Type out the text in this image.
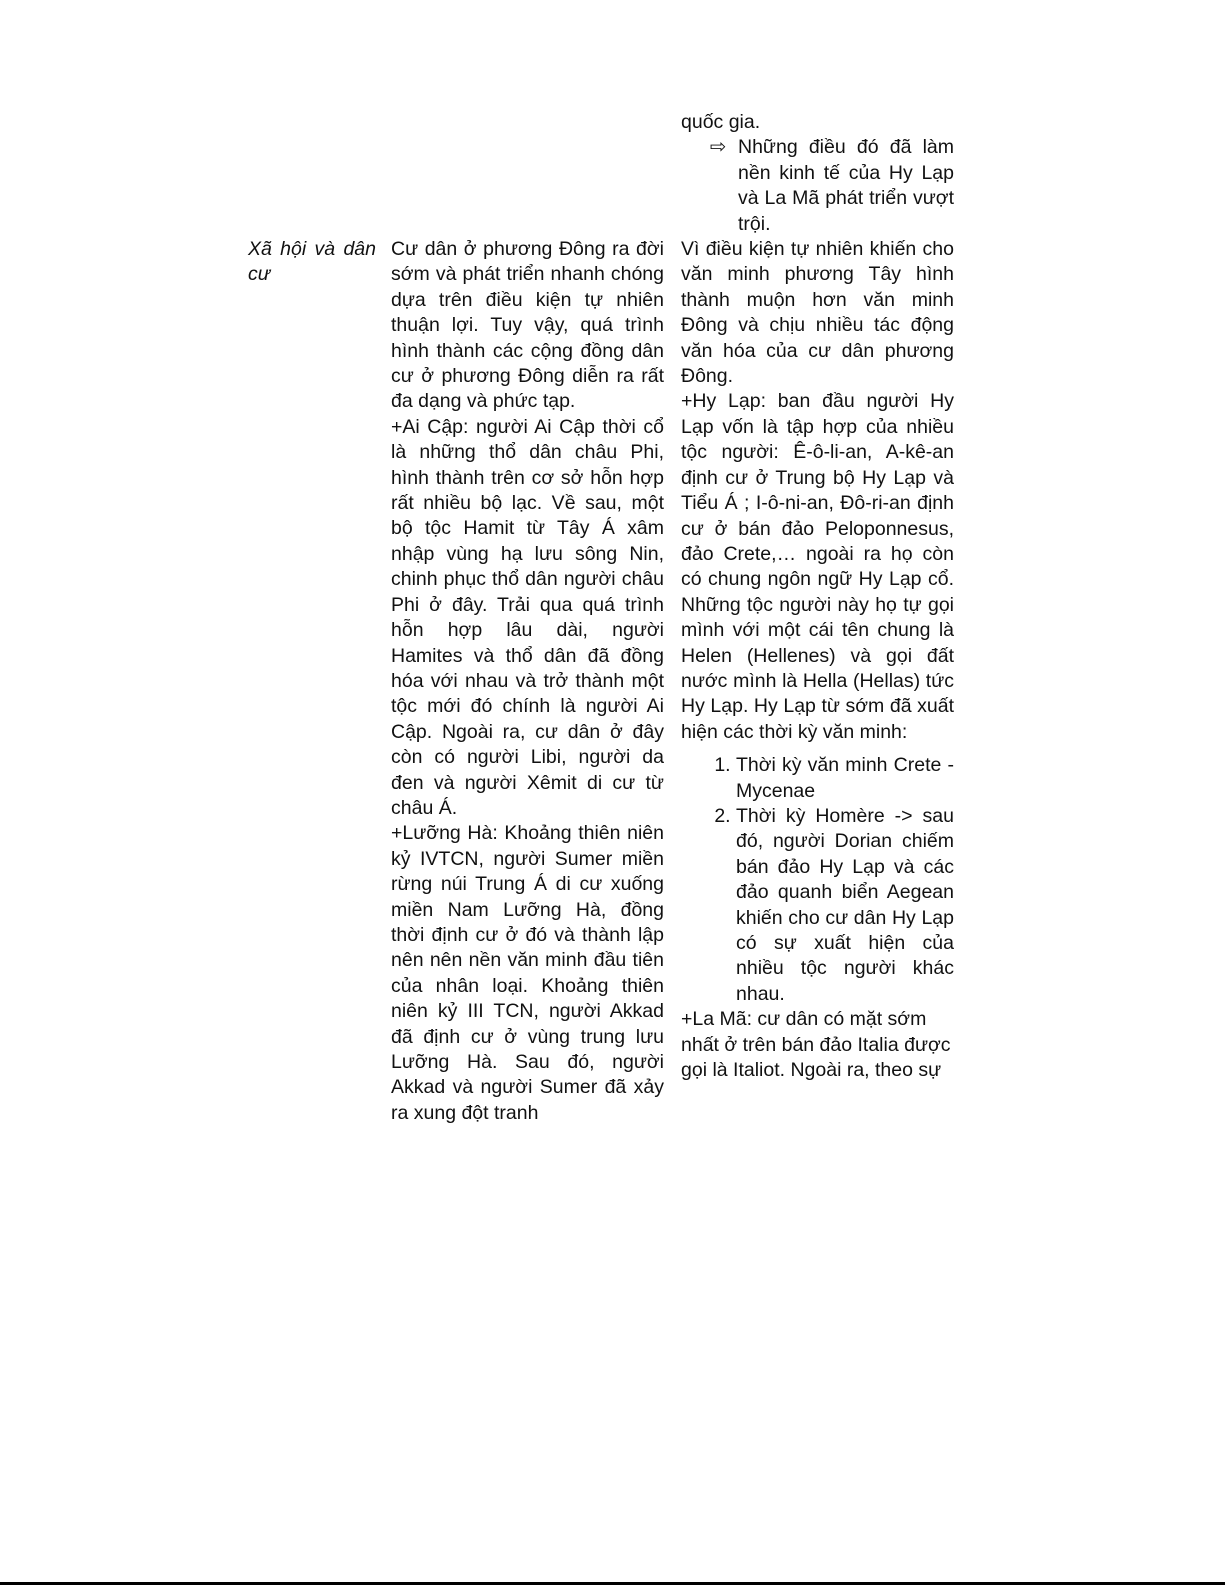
Xã hội và dân cư

Cư dân ở phương Đông ra đời sớm và phát triển nhanh chóng dựa trên điều kiện tự nhiên thuận lợi. Tuy vậy, quá trình hình thành các cộng đồng dân cư ở phương Đông diễn ra rất đa dạng và phức tạp.

+Ai Cập: người Ai Cập thời cổ là những thổ dân châu Phi, hình thành trên cơ sở hỗn hợp rất nhiều bộ lạc. Về sau, một bộ tộc Hamit từ Tây Á xâm nhập vùng hạ lưu sông Nin, chinh phục thổ dân người châu Phi ở đây. Trải qua quá trình hỗn hợp lâu dài, người Hamites và thổ dân đã đồng hóa với nhau và trở thành một tộc mới đó chính là người Ai Cập. Ngoài ra, cư dân ở đây còn có người Libi, người da đen và người Xêmit di cư từ châu Á.

+Lưỡng Hà: Khoảng thiên niên kỷ IVTCN, người Sumer miền rừng núi Trung Á di cư xuống miền Nam Lưỡng Hà, đồng thời định cư ở đó và thành lập nên nên nền văn minh đầu tiên của nhân loại. Khoảng thiên niên kỷ III TCN, người Akkad đã định cư ở vùng trung lưu Lưỡng Hà. Sau đó, người Akkad và người Sumer đã xảy ra xung đột tranh

quốc gia.

⇨ Những điều đó đã làm nền kinh tế của Hy Lạp và La Mã phát triển vượt trội.

Vì điều kiện tự nhiên khiến cho văn minh phương Tây hình thành muộn hơn văn minh Đông và chịu nhiều tác động văn hóa của cư dân phương Đông.

+Hy Lạp: ban đầu người Hy Lạp vốn là tập hợp của nhiều tộc người: Ê-ô-li-an, A-kê-an định cư ở Trung bộ Hy Lạp và Tiểu Á ; I-ô-ni-an, Đô-ri-an định cư ở bán đảo Peloponnesus, đảo Crete,… ngoài ra họ còn có chung ngôn ngữ Hy Lạp cổ. Những tộc người này họ tự gọi mình với một cái tên chung là Helen (Hellenes) và gọi đất nước mình là Hella (Hellas) tức Hy Lạp. Hy Lạp từ sớm đã xuất hiện các thời kỳ văn minh:

1. Thời kỳ văn minh Crete - Mycenae
2. Thời kỳ Homère -> sau đó, người Dorian chiếm bán đảo Hy Lạp và các đảo quanh biển Aegean khiến cho cư dân Hy Lạp có sự xuất hiện của nhiều tộc người khác nhau.

+La Mã: cư dân có mặt sớm nhất ở trên bán đảo Italia được gọi là Italiot. Ngoài ra, theo sự
